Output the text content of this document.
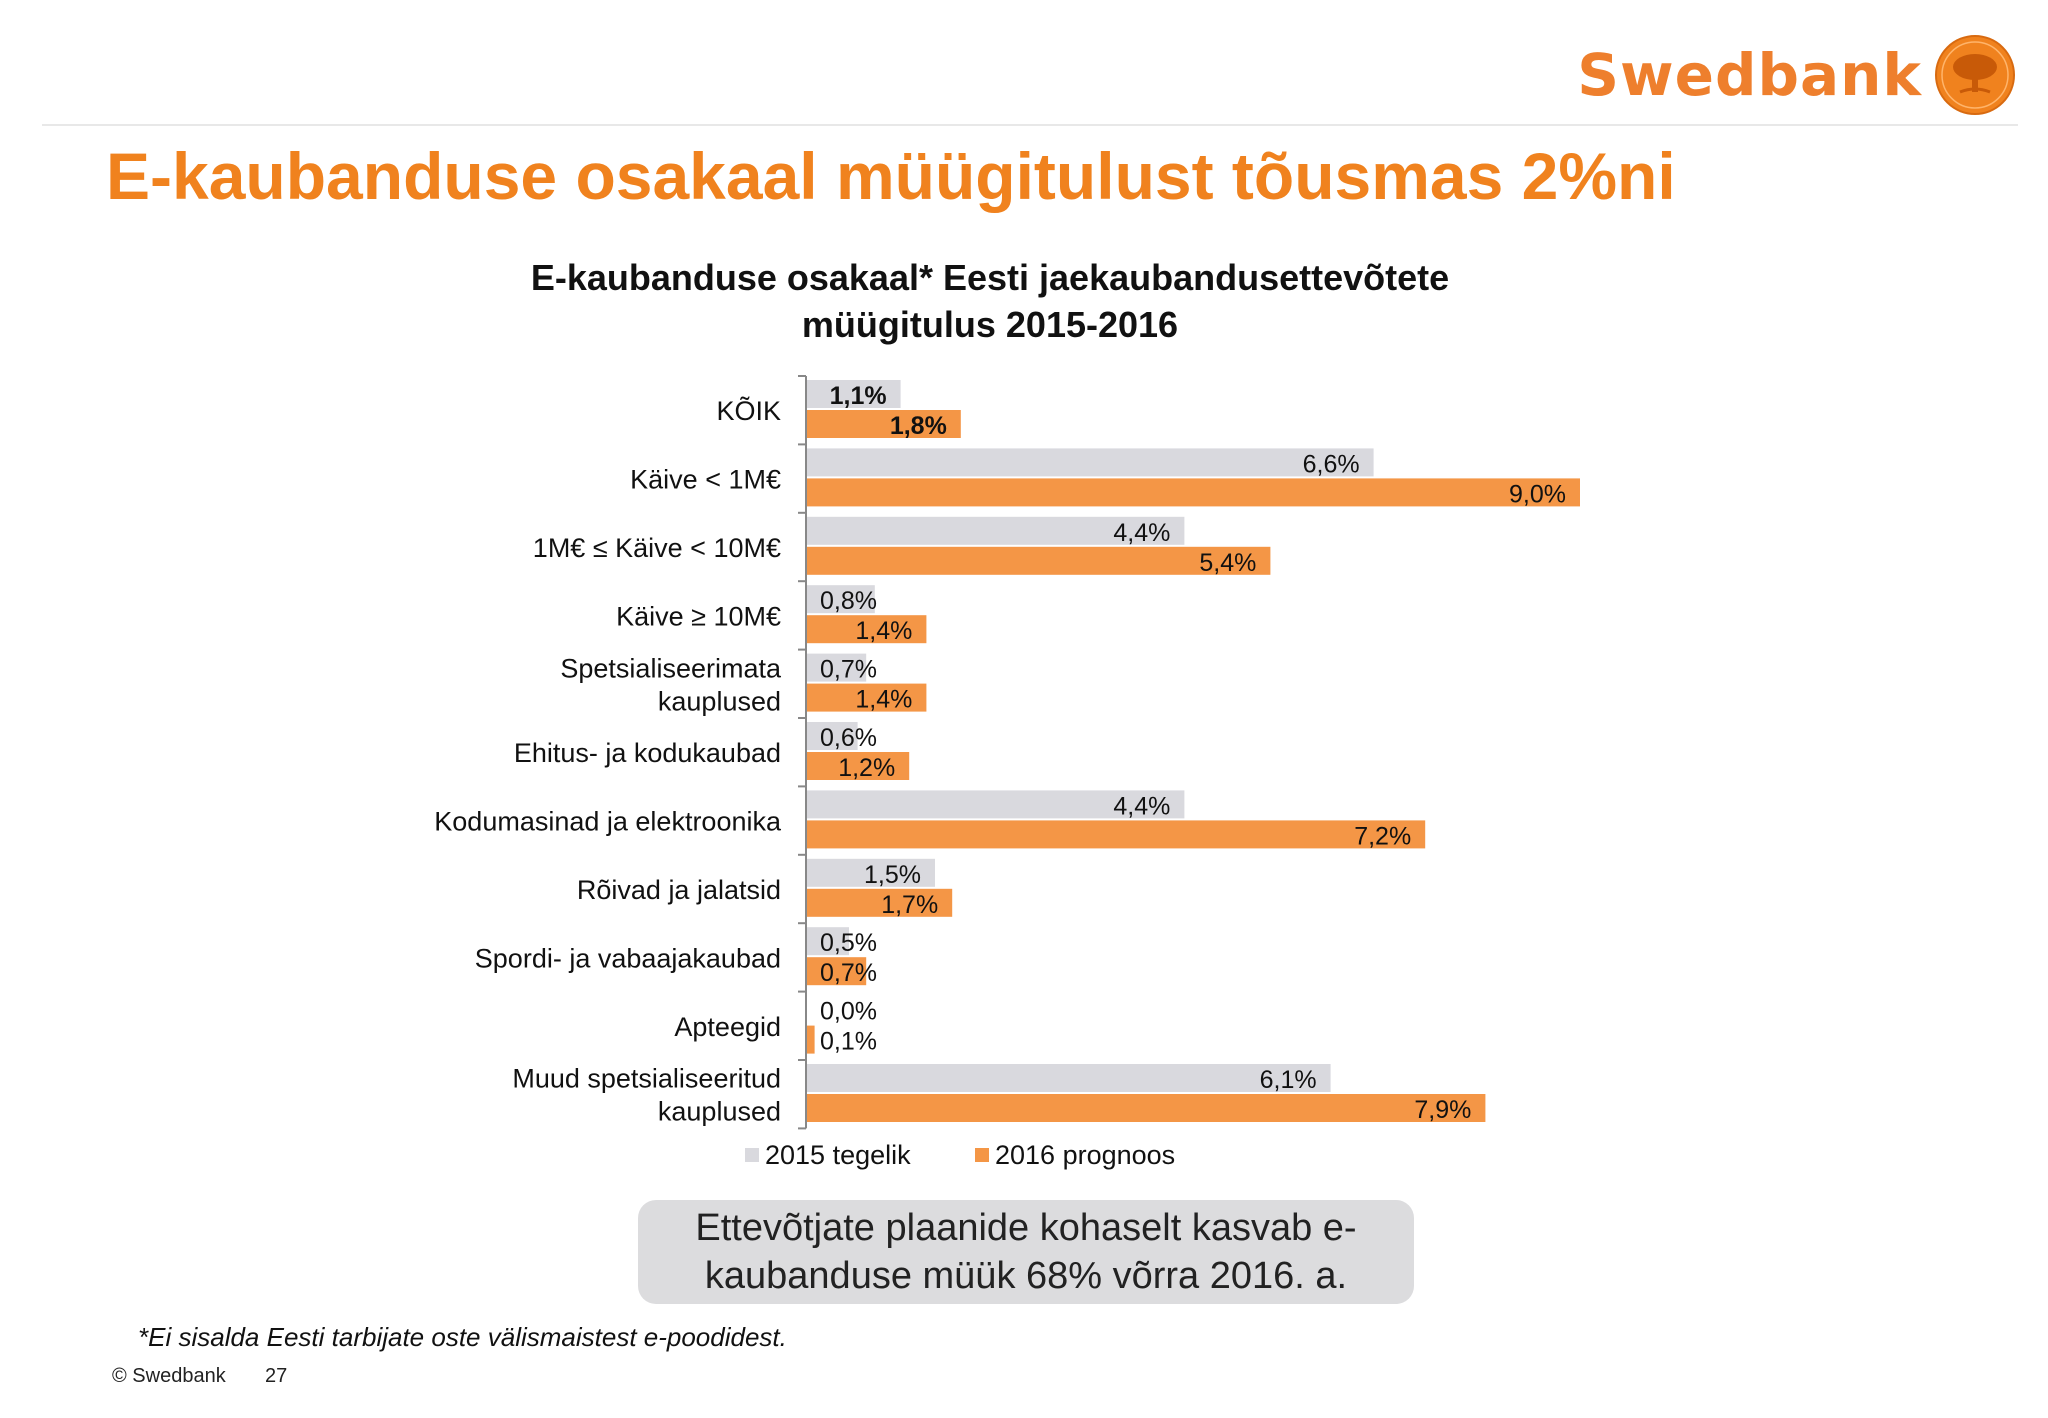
Swedbank
E-kaubanduse osakaal müügitulust tõusmas 2%ni
E-kaubanduse osakaal* Eesti jaekaubandusettevõtete
müügitulus 2015-2016
KÕIK
1,1%
1,8%
Käive < 1M€
6,6%
9,0%
1M€ ≤ Käive < 10M€
4,4%
5,4%
Käive ≥ 10M€
0,8%
1,4%
Spetsialiseerimata
kauplused
0,7%
1,4%
Ehitus- ja kodukaubad
0,6%
1,2%
Kodumasinad ja elektroonika
4,4%
7,2%
Rõivad ja jalatsid
1,5%
1,7%
Spordi- ja vabaajakaubad
0,5%
0,7%
Apteegid
0,0%
0,1%
Muud spetsialiseeritud
kauplused
6,1%
7,9%
2015 tegelik	2016 prognoos
Ettevõtjate plaanide kohaselt kasvab e-
kaubanduse müük 68% võrra 2016. a.
*Ei sisalda Eesti tarbijate oste välismaistest e-poodidest.
© Swedbank 27
